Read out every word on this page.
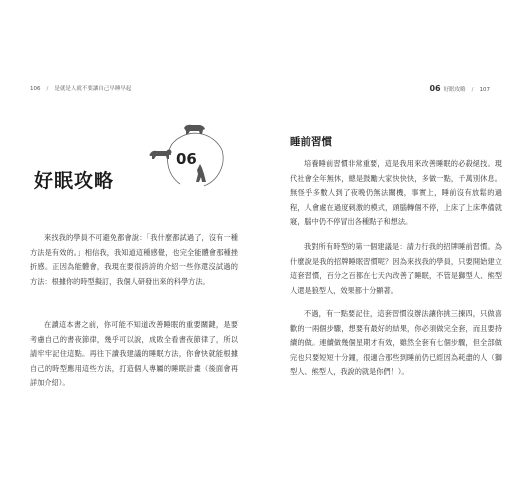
106 / 是就是人就不要讓自己早睡早起
好眠攻略
06

來找我的學員不可避免都會說：「我什麼都試過了，沒有一種方法是有效的。」相信我，我知道這種感覺，也完全能體會那種挫折感。正因為能體會，我現在要很誇誇的介紹一些你還沒試過的方法：根據你的時型擬訂，我個人研發出來的科學方法。

在讀這本書之前，你可能不知道改善睡眠的重要關鍵，是要考慮自己的書夜節律，幾乎可以說，成敗全看書夜節律了，所以請牢牢記住這點。再往下讀我建議的睡眠方法，你會快就能根據自己的時型應用這些方法，打造個人專屬的睡眠計畫（後面會再詳加介紹）。

06 好眠攻略 / 107
睡前習慣

培養睡前習慣非常重要，這是我用來改善睡眠的必殺絕技。現代社會全年無休，總是鼓勵大家快快快，多做一點，千萬別休息。無怪乎多數人到了夜晚仍無法關機，事實上，睡前沒有放鬆的過程，人會處在過度刺激的模式，頭腦轉個不停，上床了上床準備就寢，腦中仍不停冒出各種點子和想法。

我對所有時型的第一個建議是：請力行我的招牌睡前習慣。為什麼說是我的招牌睡眠習慣呢？因為來找我的學員，只要開始建立這套習慣，百分之百都在七天內改善了睡眠，不管是獅型人、熊型人還是狼型人，效果都十分顯著。

不過，有一點要記住，這套習慣沒辦法讓你挑三揀四，只做喜歡的一兩個步驟，想要有最好的結果，你必須做完全套，而且要持續的做。連續做幾個星期才有效，雖然全套有七個步驟，但全部做完也只要短短十分鐘，很適合那些到睡前仍已經因為耗盡的人（獅型人、熊型人，我說的就是你們！）。
